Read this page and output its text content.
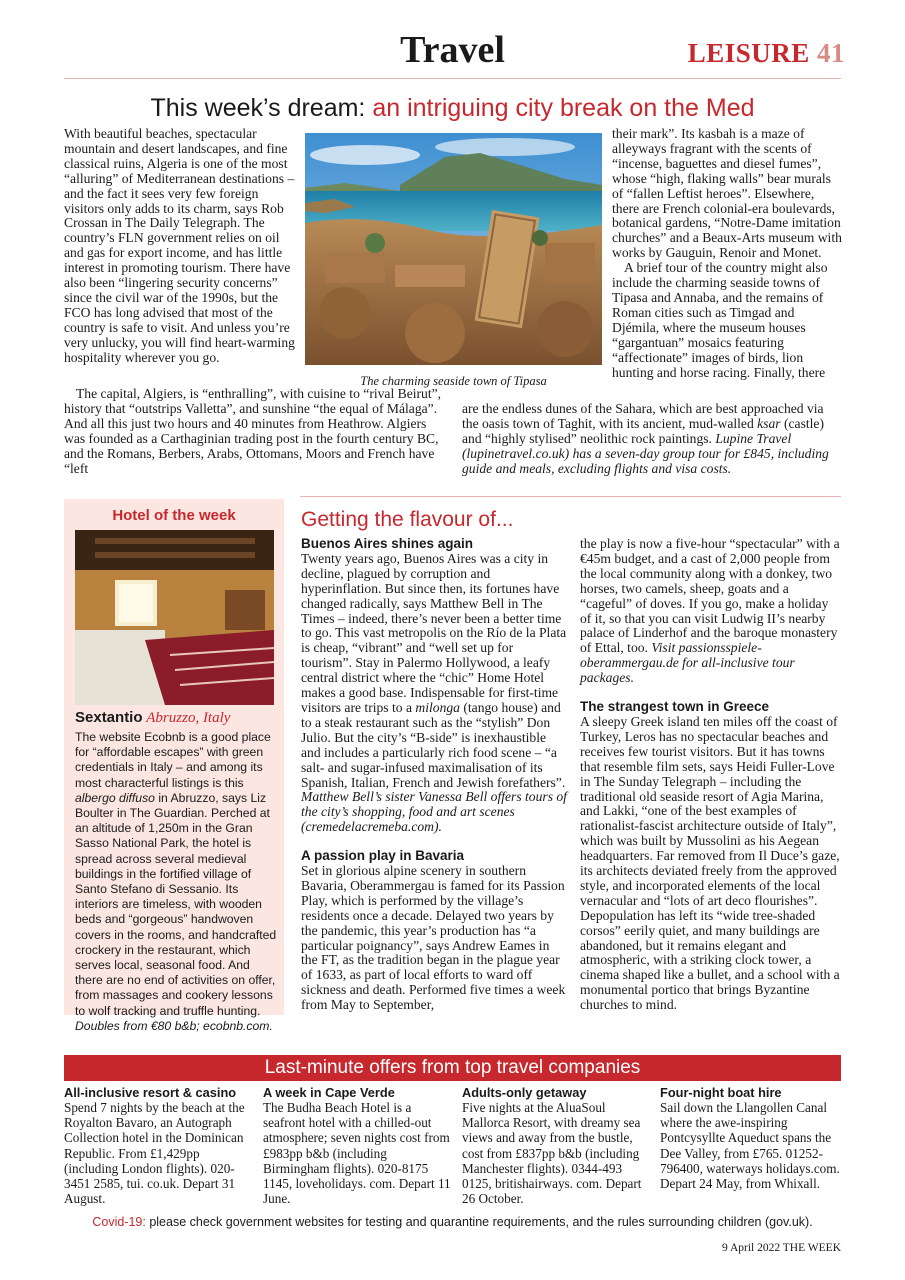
Travel	LEISURE 41
This week’s dream: an intriguing city break on the Med

With beautiful beaches, spectacular mountain and desert landscapes, and fine classical ruins, Algeria is one of the most “alluring” of Mediterranean destinations – and the fact it sees very few foreign visitors only adds to its charm, says Rob Crossan in The Daily Telegraph. The country’s FLN government relies on oil and gas for export income, and has little interest in promoting tourism. There have also been “lingering security concerns” since the civil war of the 1990s, but the FCO has long advised that most of the country is safe to visit. And unless you’re very unlucky, you will find heart-warming hospitality wherever you go.

The charming seaside town of Tipasa

their mark”. Its kasbah is a maze of alleyways fragrant with the scents of “incense, baguettes and diesel fumes”, whose “high, flaking walls” bear murals of “fallen Leftist heroes”. Elsewhere, there are French colonial-era boulevards, botanical gardens, “Notre-Dame imitation churches” and a Beaux-Arts museum with works by Gauguin, Renoir and Monet.

A brief tour of the country might also include the charming seaside towns of Tipasa and Annaba, and the remains of Roman cities such as Timgad and Djémila, where the museum houses “gargantuan” mosaics featuring “affectionate” images of birds, lion hunting and horse racing. Finally, there

The capital, Algiers, is “enthralling”, with cuisine to “rival Beirut”, history that “outstrips Valletta”, and sunshine “the equal of Málaga”. And all this just two hours and 40 minutes from Heathrow. Algiers was founded as a Carthaginian trading post in the fourth century BC, and the Romans, Berbers, Arabs, Ottomans, Moors and French have “left

are the endless dunes of the Sahara, which are best approached via the oasis town of Taghit, with its ancient, mud-walled ksar (castle) and “highly stylised” neolithic rock paintings. Lupine Travel (lupinetravel.co.uk) has a seven-day group tour for £845, including guide and meals, excluding flights and visa costs.

Hotel of the week
Sextantio Abruzzo, Italy
The website Ecobnb is a good place for “affordable escapes” with green credentials in Italy – and among its most characterful listings is this albergo diffuso in Abruzzo, says Liz Boulter in The Guardian. Perched at an altitude of 1,250m in the Gran Sasso National Park, the hotel is spread across several medieval buildings in the fortified village of Santo Stefano di Sessanio. Its interiors are timeless, with wooden beds and “gorgeous” handwoven covers in the rooms, and handcrafted crockery in the restaurant, which serves local, seasonal food. And there are no end of activities on offer, from massages and cookery lessons to wolf tracking and truffle hunting.
Doubles from €80 b&b; ecobnb.com.
Getting the flavour of...

Buenos Aires shines again

Twenty years ago, Buenos Aires was a city in decline, plagued by corruption and hyperinflation. But since then, its fortunes have changed radically, says Matthew Bell in The Times – indeed, there’s never been a better time to go. This vast metropolis on the Río de la Plata is cheap, “vibrant” and “well set up for tourism”. Stay in Palermo Hollywood, a leafy central district where the “chic” Home Hotel makes a good base. Indispensable for first-time visitors are trips to a milonga (tango house) and to a steak restaurant such as the “stylish” Don Julio. But the city’s “B-side” is inexhaustible and includes a particularly rich food scene – “a salt- and sugar-infused maximalisation of its Spanish, Italian, French and Jewish forefathers”. Matthew Bell’s sister Vanessa Bell offers tours of the city’s shopping, food and art scenes (cremedelacremeba.com).

A passion play in Bavaria

Set in glorious alpine scenery in southern Bavaria, Oberammergau is famed for its Passion Play, which is performed by the village’s residents once a decade. Delayed two years by the pandemic, this year’s production has “a particular poignancy”, says Andrew Eames in the FT, as the tradition began in the plague year of 1633, as part of local efforts to ward off sickness and death. Performed five times a week from May to September,

the play is now a five-hour “spectacular” with a €45m budget, and a cast of 2,000 people from the local community along with a donkey, two horses, two camels, sheep, goats and a “cageful” of doves. If you go, make a holiday of it, so that you can visit Ludwig II’s nearby palace of Linderhof and the baroque monastery of Ettal, too. Visit passionsspiele-oberammergau.de for all-inclusive tour packages.

The strangest town in Greece

A sleepy Greek island ten miles off the coast of Turkey, Leros has no spectacular beaches and receives few tourist visitors. But it has towns that resemble film sets, says Heidi Fuller-Love in The Sunday Telegraph – including the traditional old seaside resort of Agia Marina, and Lakki, “one of the best examples of rationalist-fascist architecture outside of Italy”, which was built by Mussolini as his Aegean headquarters. Far removed from Il Duce’s gaze, its architects deviated freely from the approved style, and incorporated elements of the local vernacular and “lots of art deco flourishes”. Depopulation has left its “wide tree-shaded corsos” eerily quiet, and many buildings are abandoned, but it remains elegant and atmospheric, with a striking clock tower, a cinema shaped like a bullet, and a school with a monumental portico that brings Byzantine churches to mind.

Last-minute offers from top travel companies
All-inclusive resort & casino
Spend 7 nights by the beach at the Royalton Bavaro, an Autograph Collection hotel in the Dominican Republic. From £1,429pp (including London flights). 020-3451 2585, tui. co.uk. Depart 31 August.
A week in Cape Verde
The Budha Beach Hotel is a seafront hotel with a chilled-out atmosphere; seven nights cost from £983pp b&b (including Birmingham flights). 020-8175 1145, loveholidays. com. Depart 11 June.
Adults-only getaway
Five nights at the AluaSoul Mallorca Resort, with dreamy sea views and away from the bustle, cost from £837pp b&b (including Manchester flights). 0344-493 0125, britishairways. com. Depart 26 October.
Four-night boat hire
Sail down the Llangollen Canal where the awe-inspiring Pontcysyllte Aqueduct spans the Dee Valley, from £765. 01252-796400, waterways holidays.com. Depart 24 May, from Whixall.
Covid-19: please check government websites for testing and quarantine requirements, and the rules surrounding children (gov.uk).
9 April 2022 THE WEEK
